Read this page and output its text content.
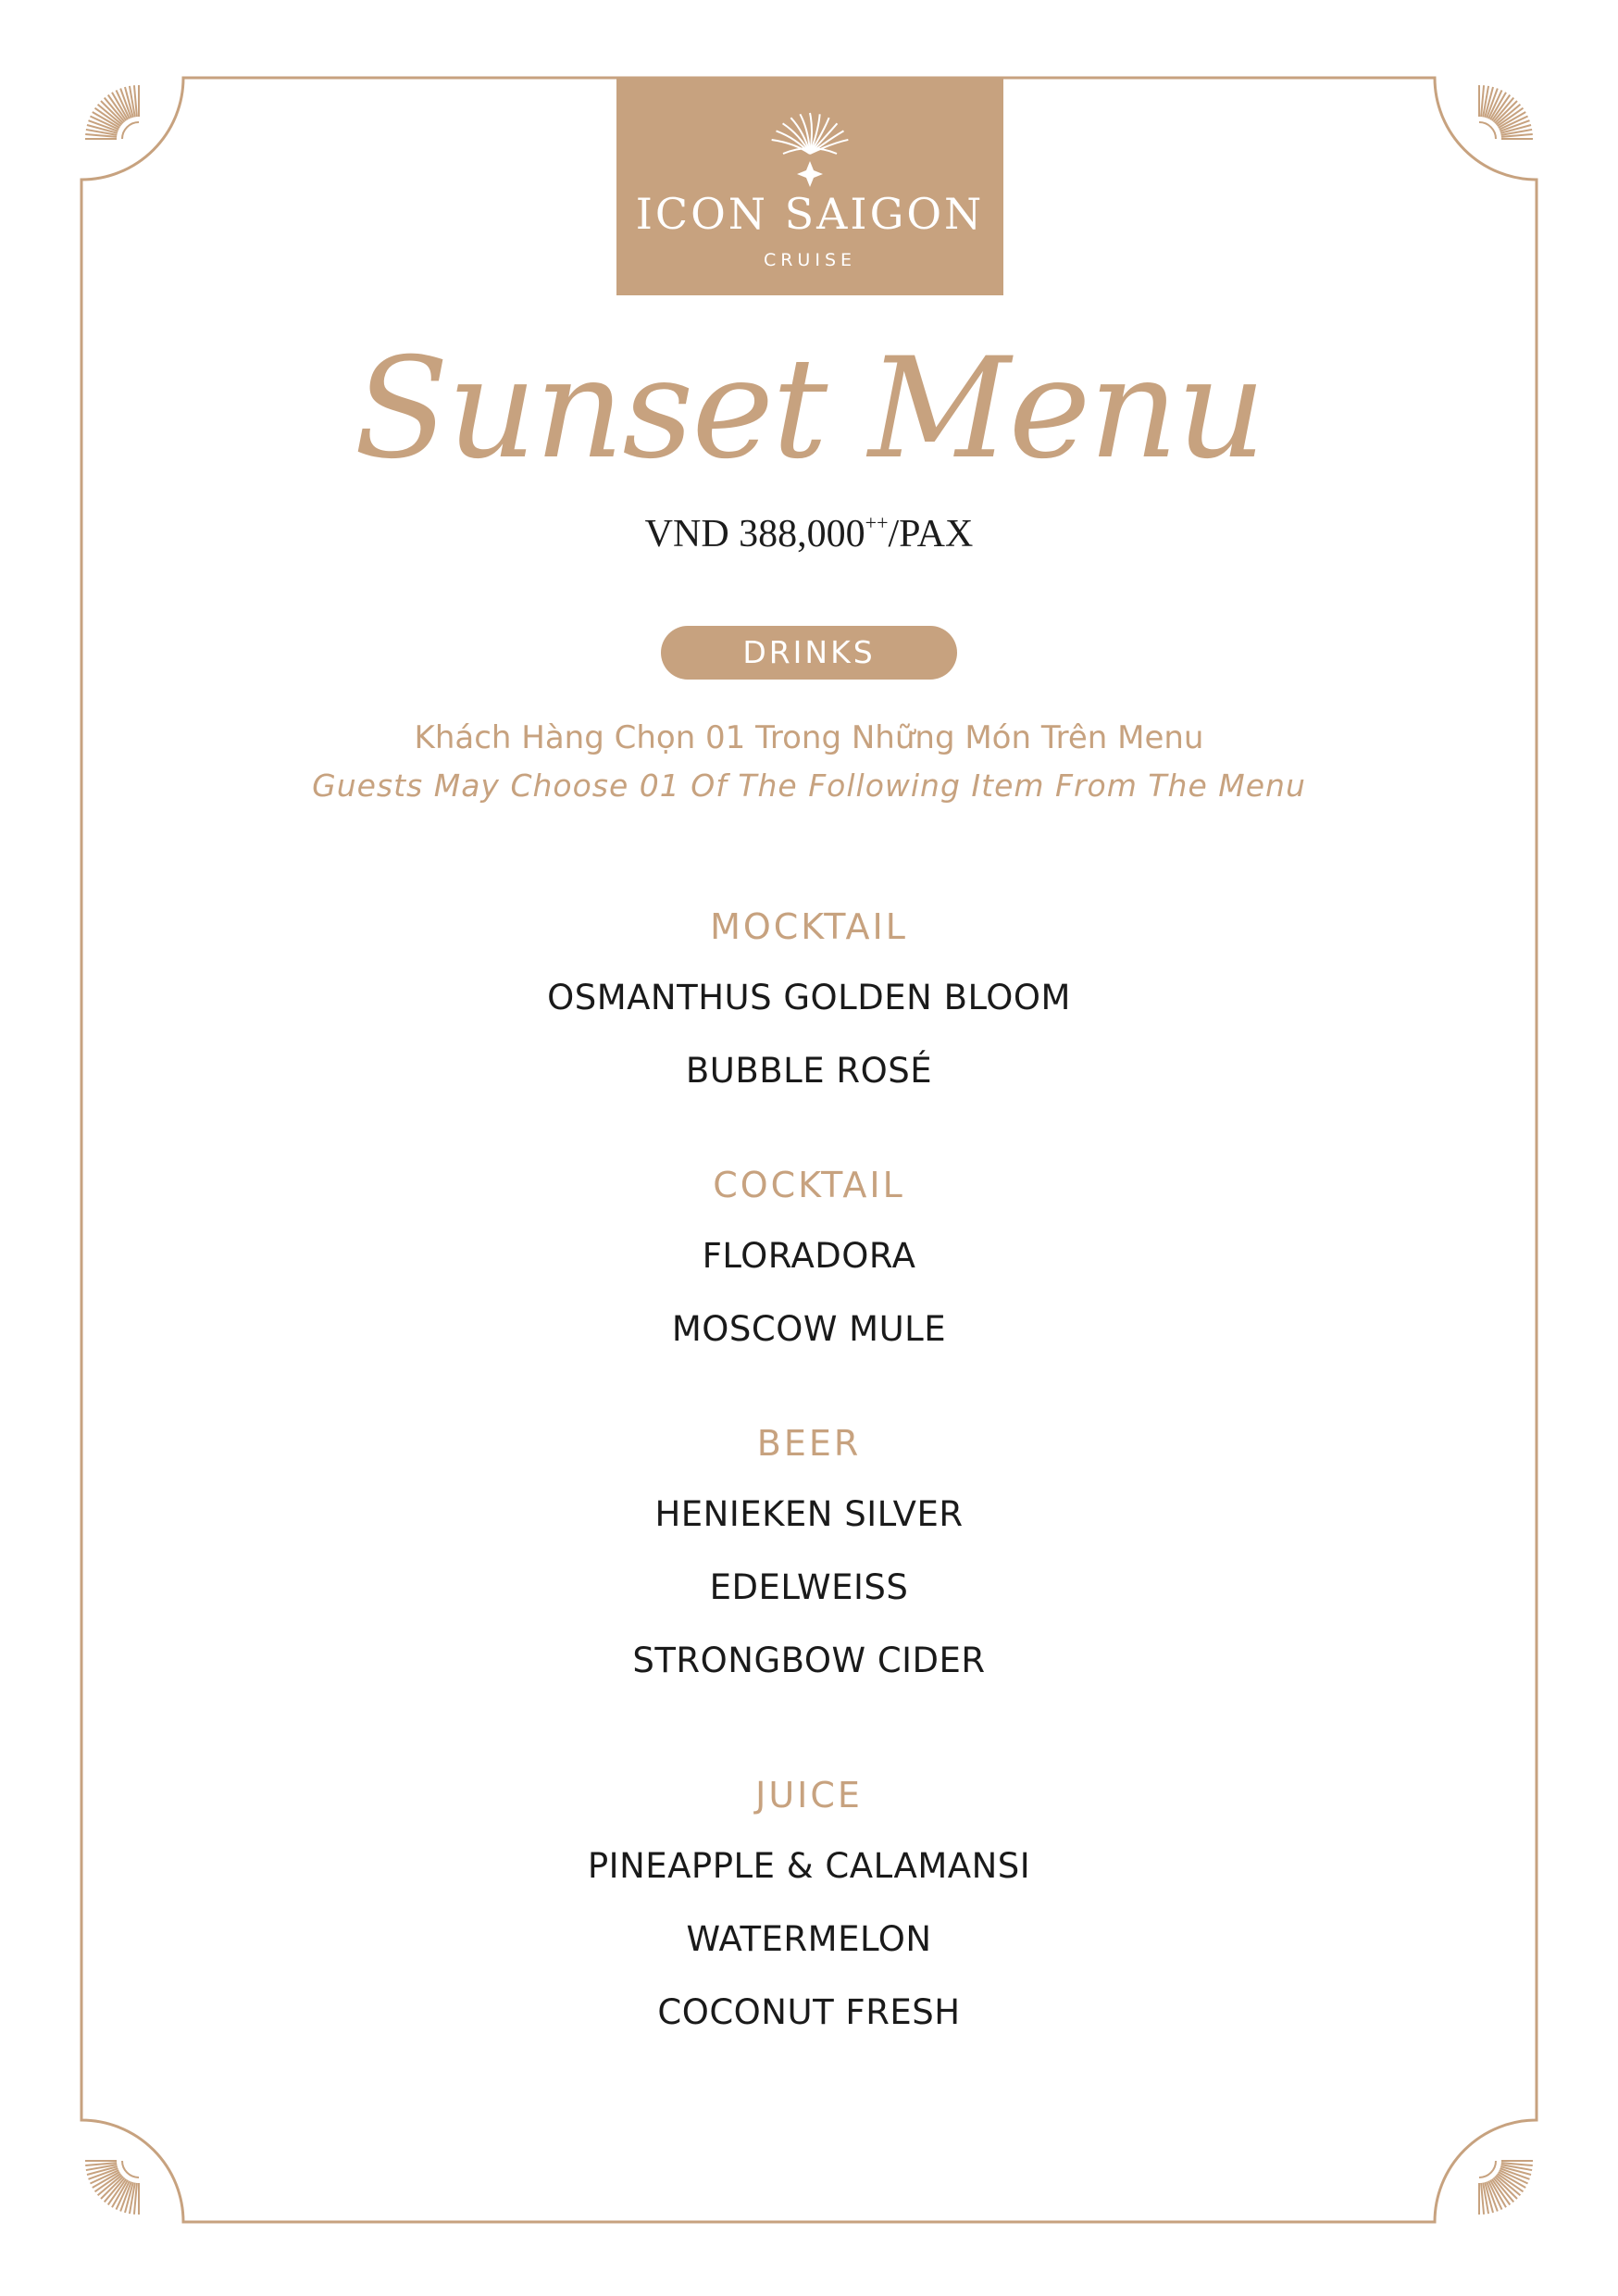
ICON SAIGON
CRUISE
Sunset Menu
VND 388,000++/PAX
DRINKS
Khách Hàng Chọn 01 Trong Những Món Trên Menu
Guests May Choose 01 Of The Following Item From The Menu
MOCKTAIL
OSMANTHUS GOLDEN BLOOM
BUBBLE ROSÉ
COCKTAIL
FLORADORA
MOSCOW MULE
BEER
HENIEKEN SILVER
EDELWEISS
STRONGBOW CIDER
JUICE
PINEAPPLE & CALAMANSI
WATERMELON
COCONUT FRESH
